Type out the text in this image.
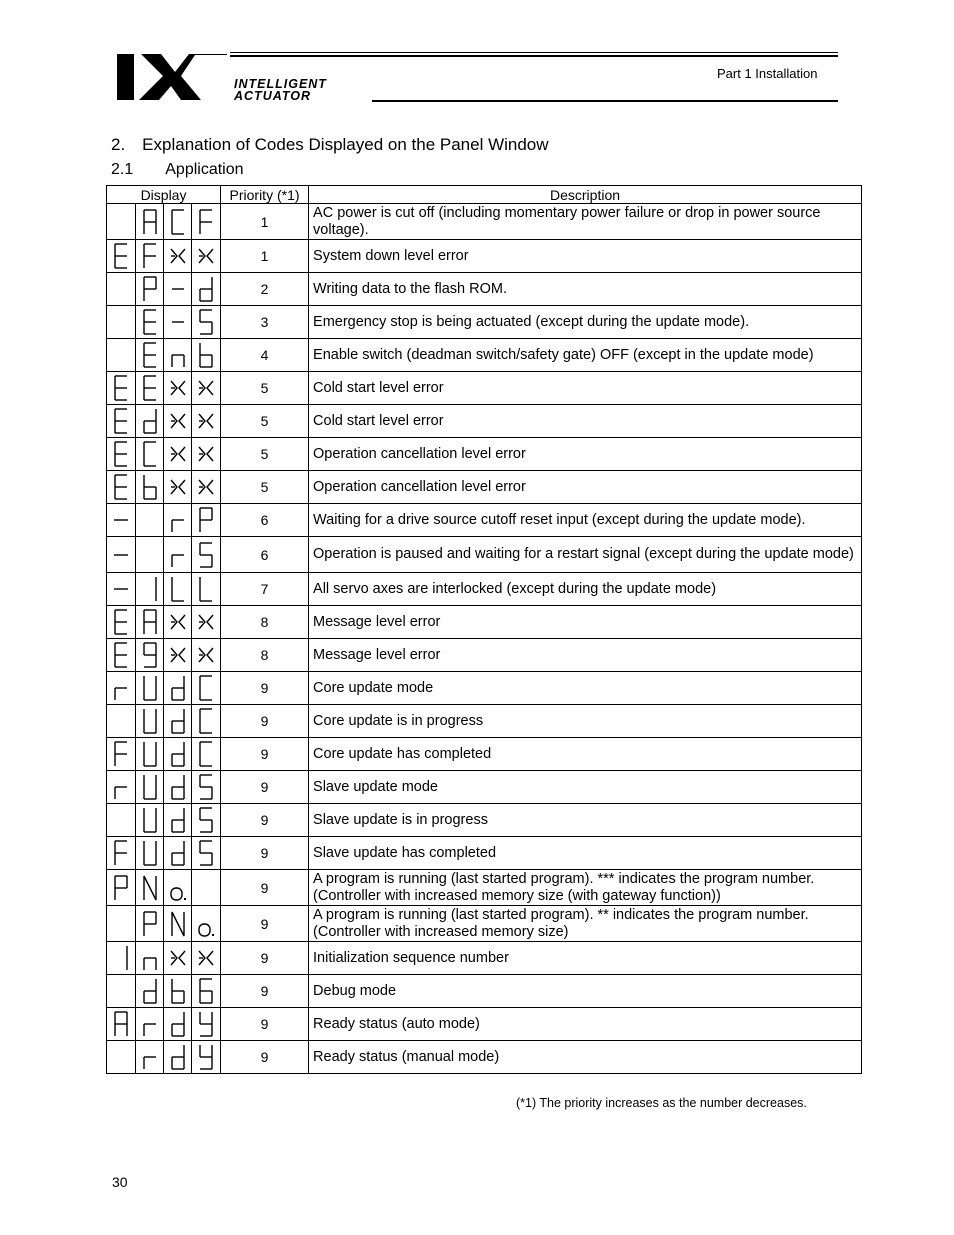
INTELLIGENT
ACTUATOR
Part 1 Installation
2. Explanation of Codes Displayed on the Panel Window
2.1  Application
Display				Priority (*1)	Description

	1	AC power is cut off (including momentary power failure or drop in power source voltage).

	1	System down level error

	2	Writing data to the flash ROM.

	3	Emergency stop is being actuated (except during the update mode).

	4	Enable switch (deadman switch/safety gate) OFF (except in the update mode)

	5	Cold start level error

	5	Cold start level error

	5	Operation cancellation level error

	5	Operation cancellation level error

	6	Waiting for a drive source cutoff reset input (except during the update mode).

	6	Operation is paused and waiting for a restart signal (except during the update mode)

	7	All servo axes are interlocked (except during the update mode)

	8	Message level error

	8	Message level error

	9	Core update mode

	9	Core update is in progress

	9	Core update has completed

	9	Slave update mode

	9	Slave update is in progress

	9	Slave update has completed

	9	A program is running (last started program). *** indicates the program number. (Controller with increased memory size (with gateway function))

	9	A program is running (last started program). ** indicates the program number. (Controller with increased memory size)

	9	Initialization sequence number

	9	Debug mode

	9	Ready status (auto mode)

	9	Ready status (manual mode)
(*1) The priority increases as the number decreases.
30
